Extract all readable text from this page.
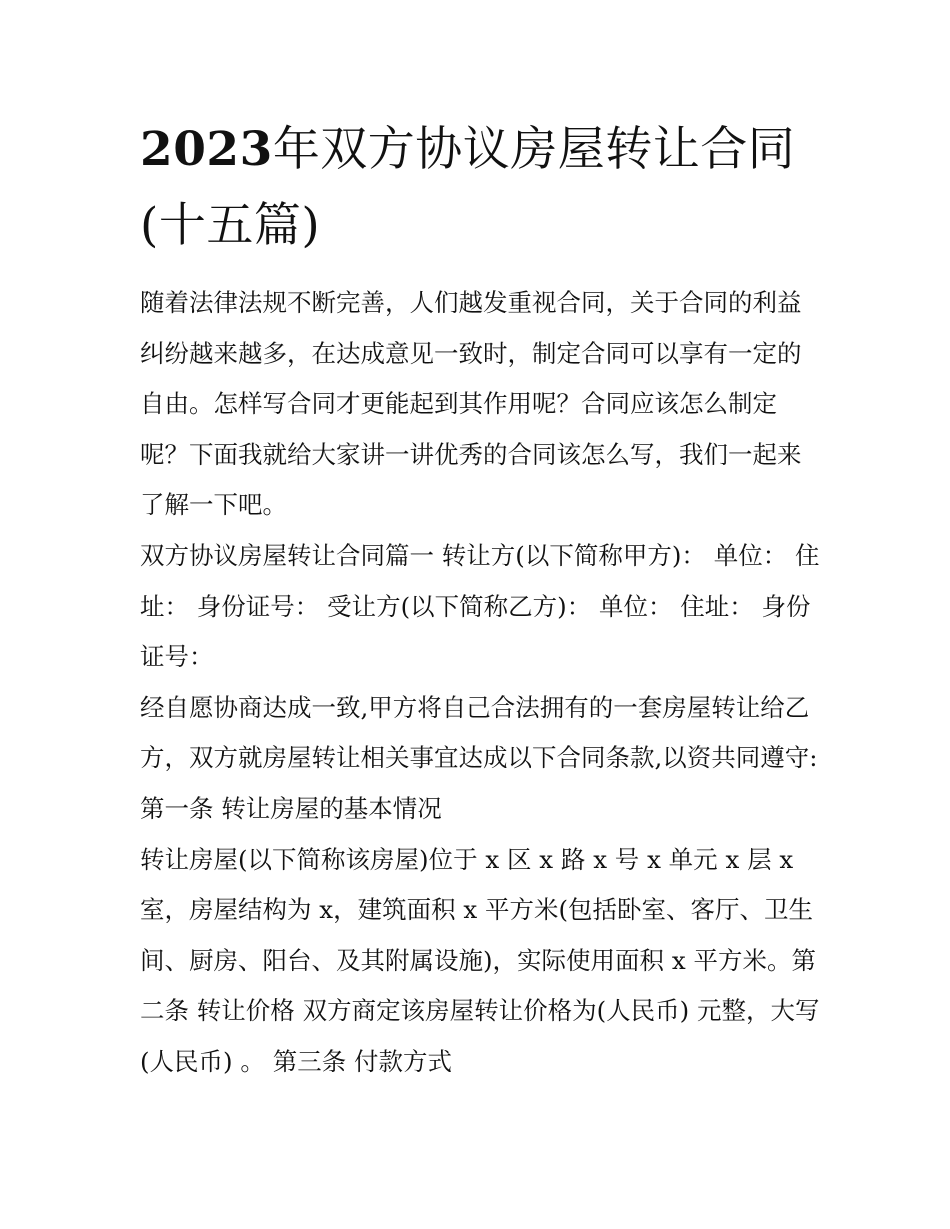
2023年双方协议房屋转让合同(十五篇)

随着法律法规不断完善，人们越发重视合同，关于合同的利益纠纷越来越多，在达成意见一致时，制定合同可以享有一定的自由。怎样写合同才更能起到其作用呢？合同应该怎么制定呢？下面我就给大家讲一讲优秀的合同该怎么写，我们一起来了解一下吧。

双方协议房屋转让合同篇一 转让方(以下简称甲方)： 单位： 住址： 身份证号： 受让方(以下简称乙方)： 单位： 住址： 身份证号：

经自愿协商达成一致,甲方将自己合法拥有的一套房屋转让给乙方，双方就房屋转让相关事宜达成以下合同条款,以资共同遵守: 第一条 转让房屋的基本情况

转让房屋(以下简称该房屋)位于 x 区 x 路 x 号 x 单元 x 层 x 室，房屋结构为 x，建筑面积 x 平方米(包括卧室、客厅、卫生间、厨房、阳台、及其附属设施)，实际使用面积 x 平方米。第二条 转让价格 双方商定该房屋转让价格为(人民币) 元整，大写(人民币) 。 第三条 付款方式
